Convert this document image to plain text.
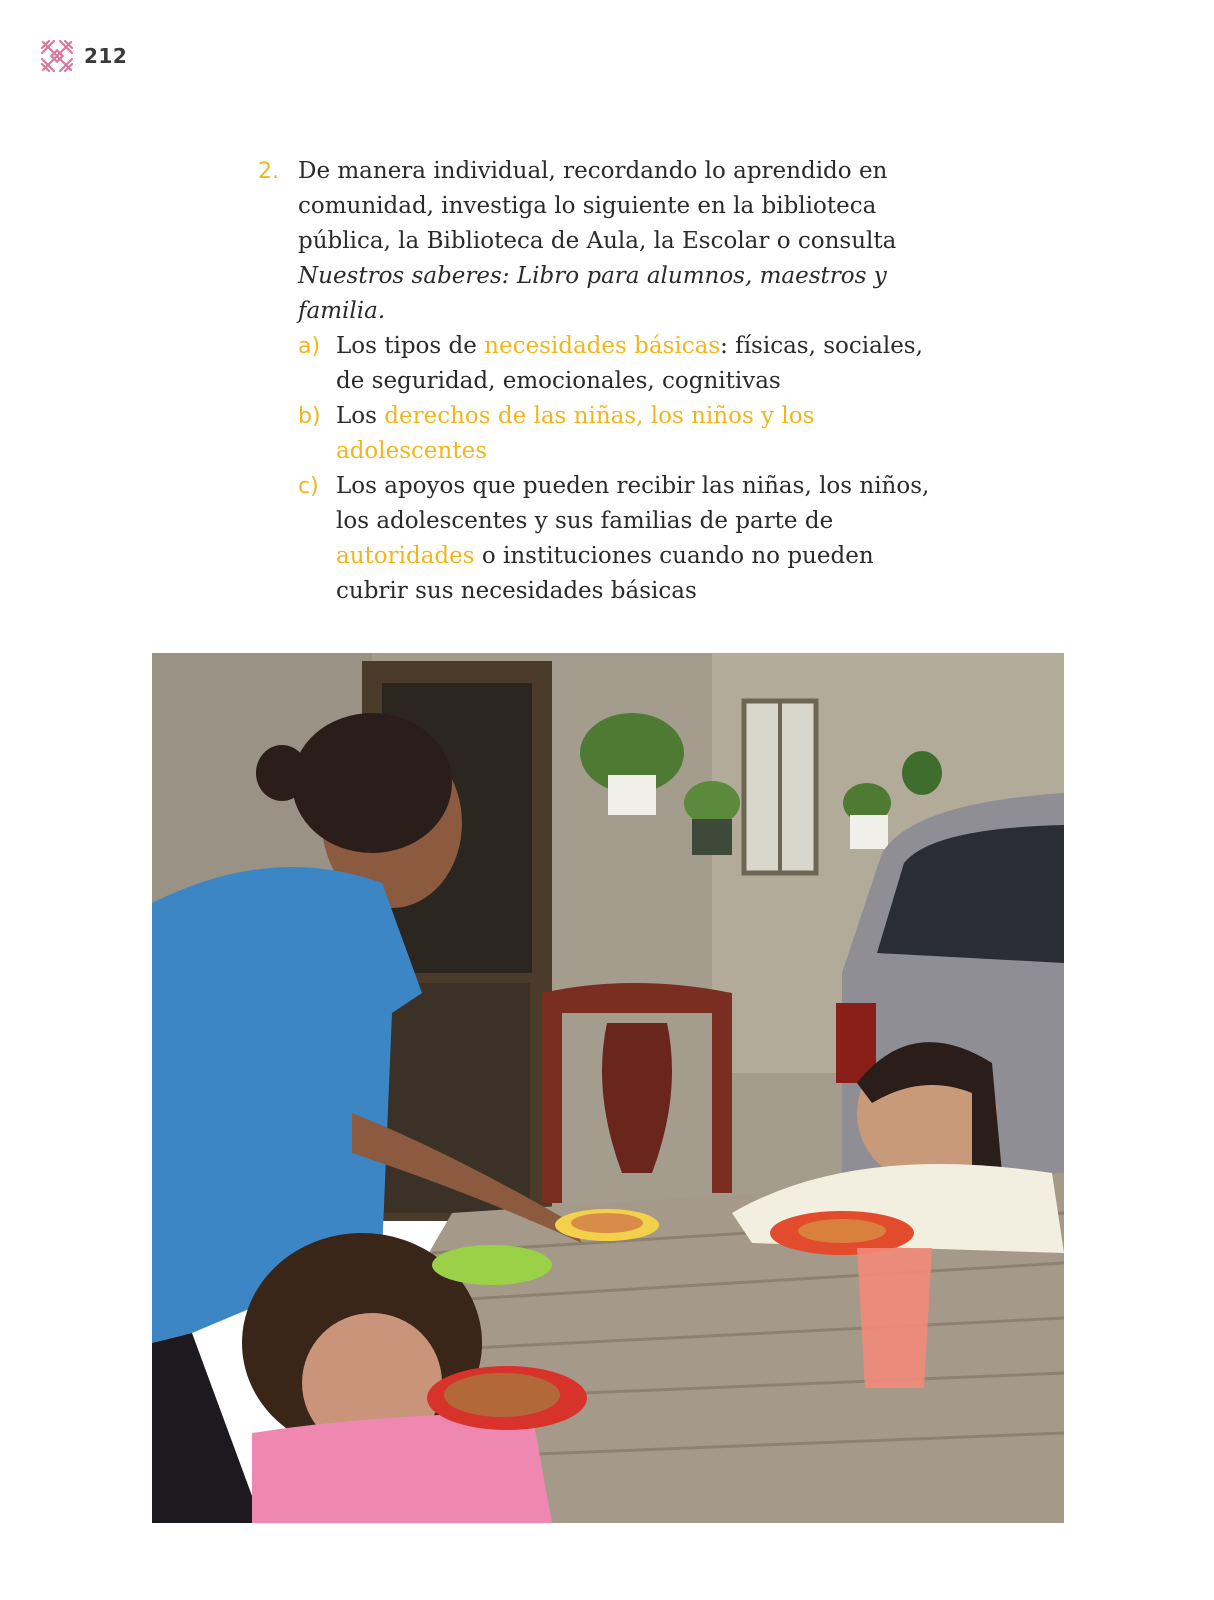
212
2. De manera individual, recordando lo aprendido en comunidad, investiga lo siguiente en la biblioteca pública, la Biblioteca de Aula, la Escolar o consulta Nuestros saberes: Libro para alumnos, maestros y familia.
a) Los tipos de necesidades básicas: físicas, sociales, de seguridad, emocionales, cognitivas
b) Los derechos de las niñas, los niños y los adolescentes
c) Los apoyos que pueden recibir las niñas, los niños, los adolescentes y sus familias de parte de autoridades o instituciones cuando no pueden cubrir sus necesidades básicas
